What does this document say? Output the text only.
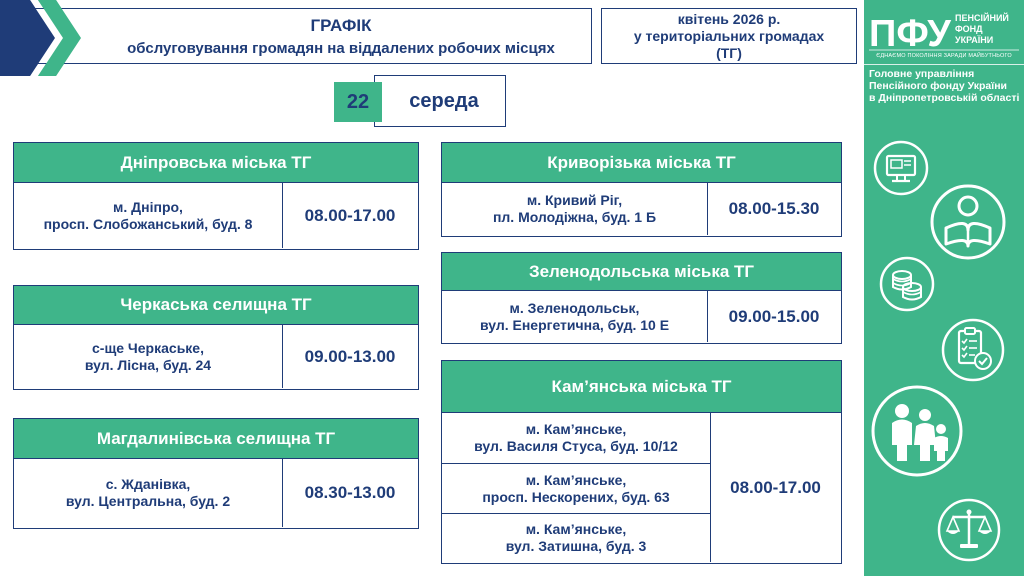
ГРАФІК
обслуговування громадян на віддалених робочих місцях
квітень 2026 р.
у територіальних громадах
(ТГ)
середа
22
Дніпровська міська ТГ
м. Дніпро,
просп. Слобожанський, буд. 8	08.00-17.00
Черкаська селищна ТГ
с-ще Черкаське,
вул. Лісна, буд. 24	09.00-13.00
Магдалинівська селищна ТГ
с. Жданівка,
вул. Центральна, буд. 2	08.30-13.00
Криворізька міська ТГ
м. Кривий Ріг,
пл. Молодіжна, буд. 1 Б	08.00-15.30
Зеленодольська міська ТГ
м. Зеленодольськ,
вул. Енергетична, буд. 10 Е	09.00-15.00
Кам’янська міська ТГ
м. Кам’янське,
вул. Василя Стуса, буд. 10/12
м. Кам’янське,
просп. Нескорених, буд. 63
м. Кам’янське,
вул. Затишна, буд. 3
08.00-17.00
ПФУ ПЕНСІЙНИЙ
ФОНД
УКРАЇНИ
ЄДНАЄМО ПОКОЛІННЯ ЗАРАДИ МАЙБУТНЬОГО
Головне управління
Пенсійного фонду України
в Дніпропетровській області
